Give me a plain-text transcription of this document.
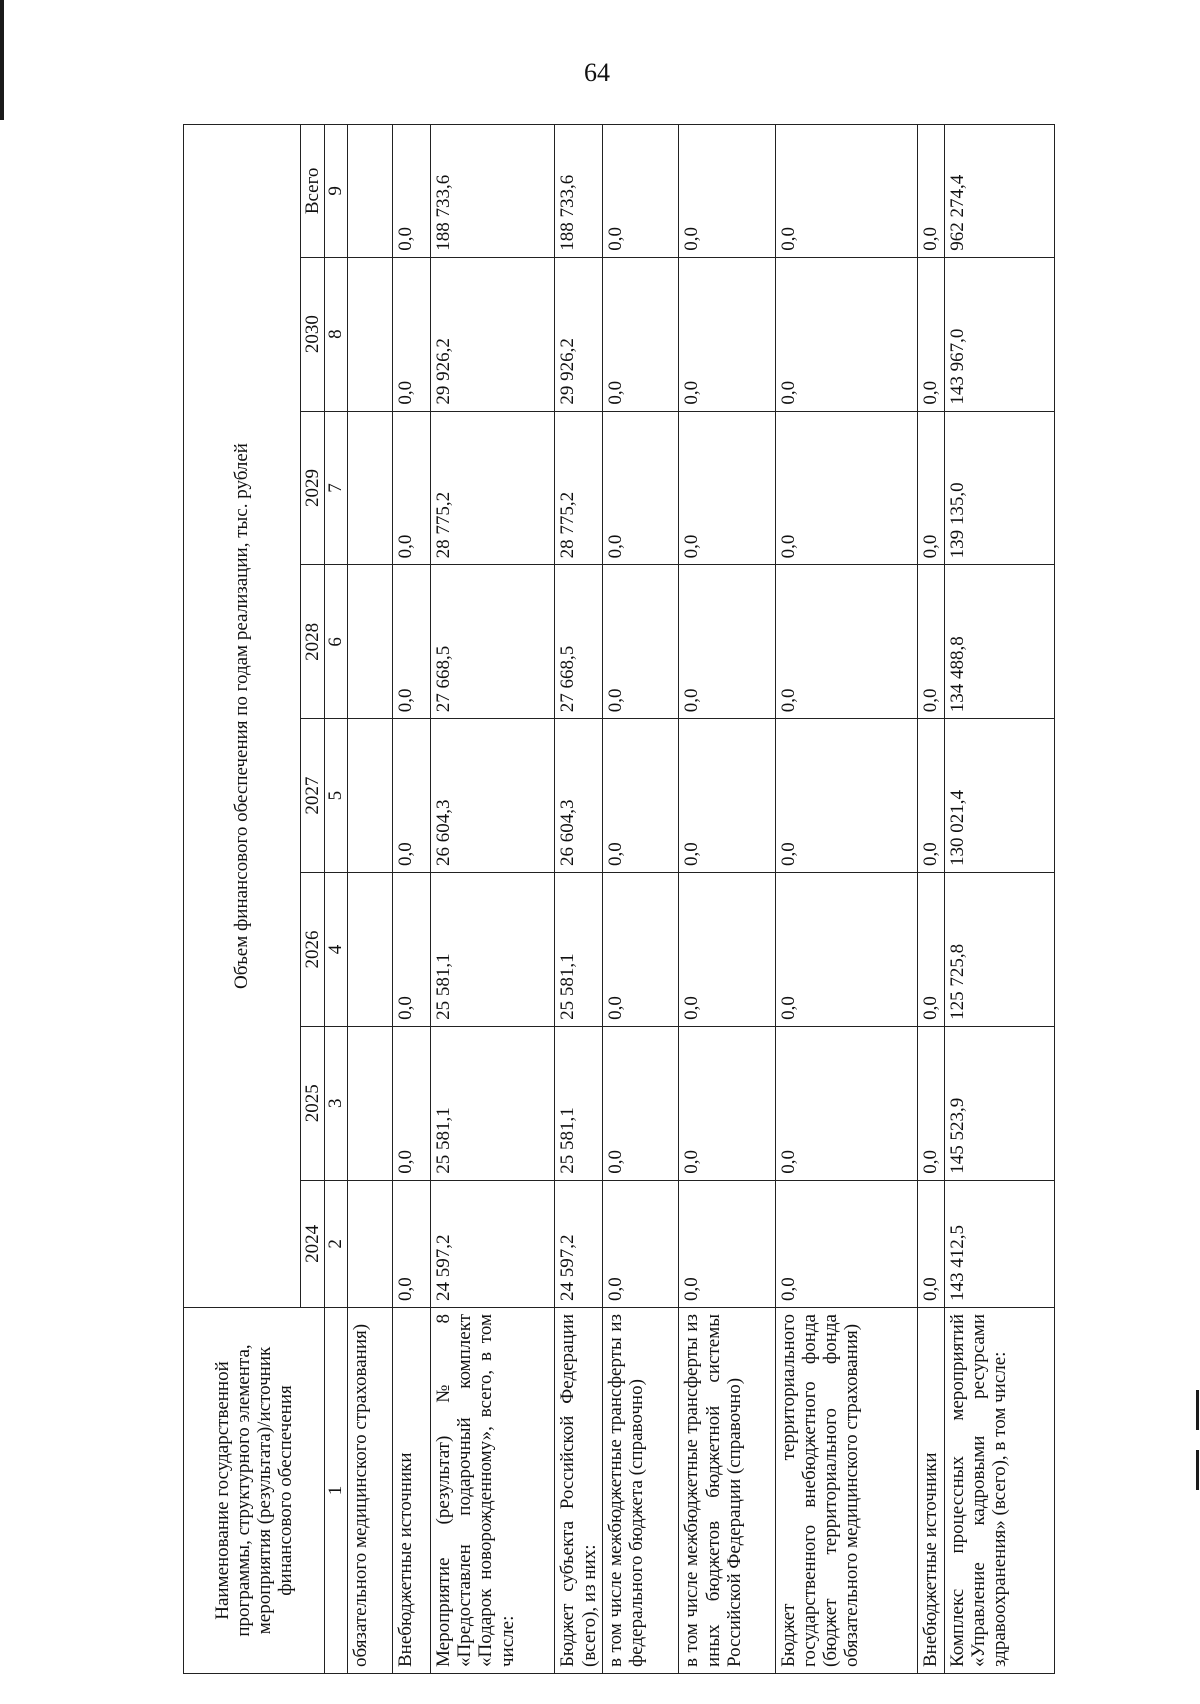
64
Наименование государственной программы, структурного элемента, мероприятия (результата)/источник финансового обеспечения	Объем финансового обеспечения по годам реализации, тыс. рублей							
	2024	2025	2026	2027	2028	2029	2030	Всего
1	2	3	4	5	6	7	8	9
обязательного медицинского страхования)								
Внебюджетные источники	0,0	0,0	0,0	0,0	0,0	0,0	0,0	0,0
Мероприятие (результат) № 8 «Предоставлен подарочный комплект «Подарок новорожденному», всего, в том числе:	24 597,2	25 581,1	25 581,1	26 604,3	27 668,5	28 775,2	29 926,2	188 733,6
Бюджет субъекта Российской Федерации (всего), из них:	24 597,2	25 581,1	25 581,1	26 604,3	27 668,5	28 775,2	29 926,2	188 733,6
в том числе межбюджетные трансферты из федерального бюджета (справочно)	0,0	0,0	0,0	0,0	0,0	0,0	0,0	0,0
в том числе межбюджетные трансферты из иных бюджетов бюджетной системы Российской Федерации (справочно)	0,0	0,0	0,0	0,0	0,0	0,0	0,0	0,0
Бюджет территориального государственного внебюджетного фонда (бюджет территориального фонда обязательного медицинского страхования)	0,0	0,0	0,0	0,0	0,0	0,0	0,0	0,0
Внебюджетные источники	0,0	0,0	0,0	0,0	0,0	0,0	0,0	0,0
Комплекс процессных мероприятий «Управление кадровыми ресурсами здравоохранения» (всего), в том числе:	143 412,5	145 523,9	125 725,8	130 021,4	134 488,8	139 135,0	143 967,0	962 274,4
